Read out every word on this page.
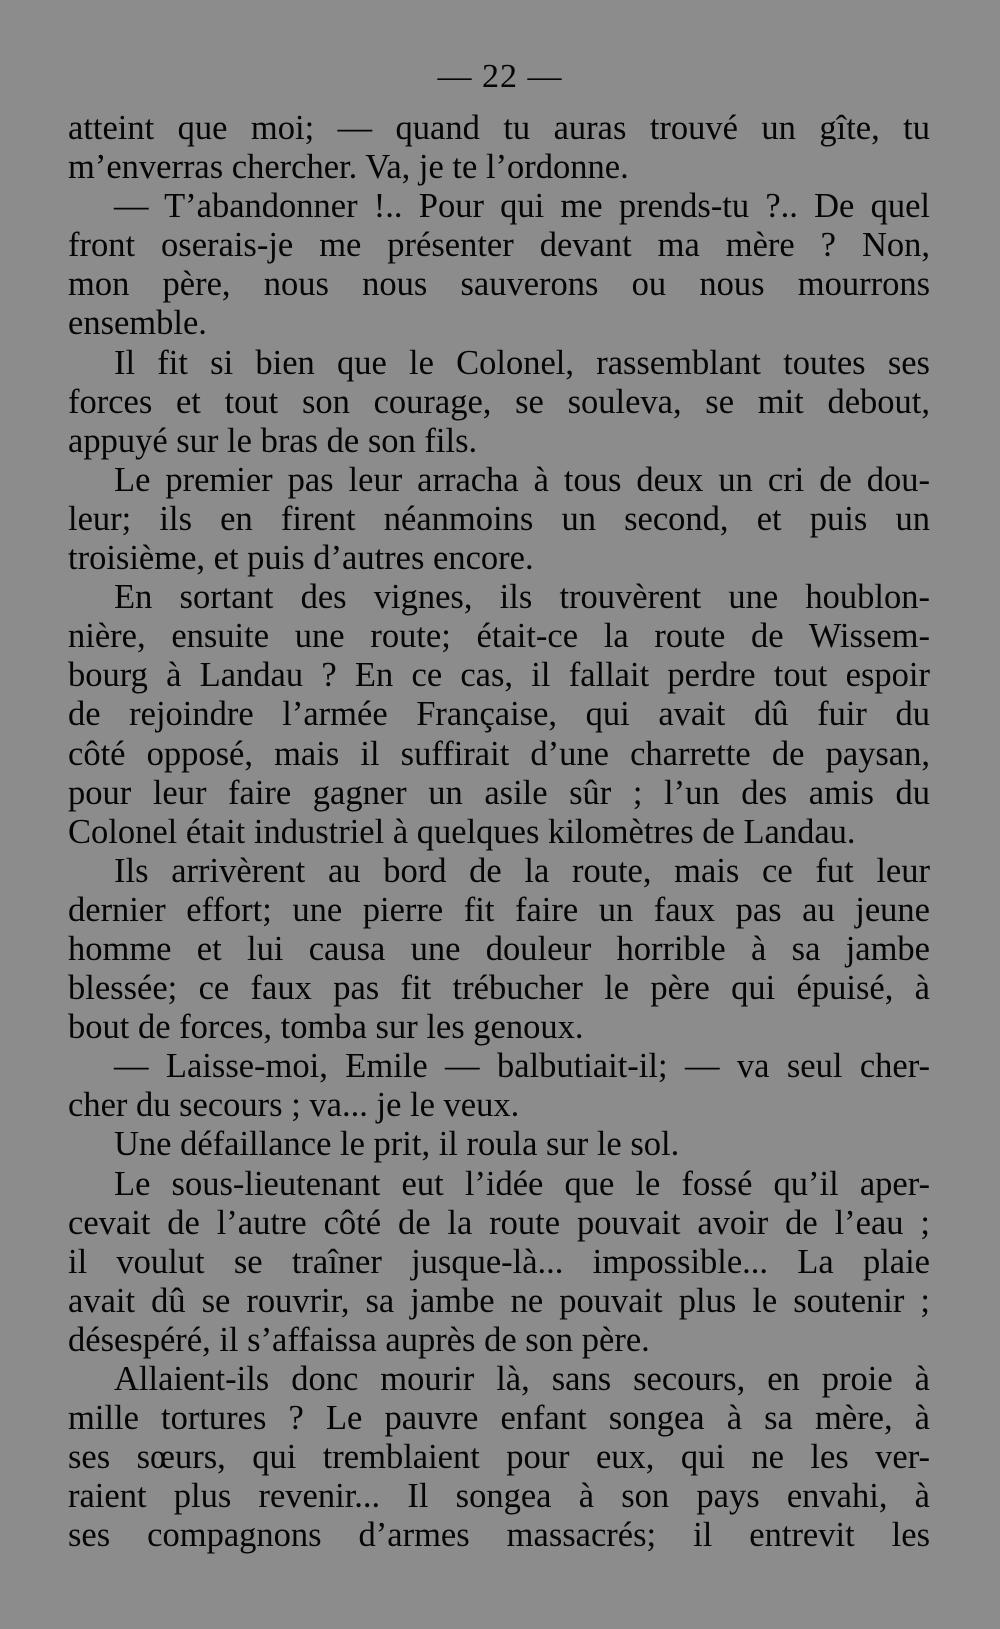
— 22 —

atteint que moi; — quand tu auras trouvé un gîte, tu

m’enverras chercher. Va, je te l’ordonne.

— T’abandonner !.. Pour qui me prends-tu ?.. De quel

front oserais-je me présenter devant ma mère ? Non,

mon père, nous nous sauverons ou nous mourrons

ensemble.

Il fit si bien que le Colonel, rassemblant toutes ses

forces et tout son courage, se souleva, se mit debout,

appuyé sur le bras de son fils.

Le premier pas leur arracha à tous deux un cri de dou-

leur; ils en firent néanmoins un second, et puis un

troisième, et puis d’autres encore.

En sortant des vignes, ils trouvèrent une houblon-

nière, ensuite une route; était-ce la route de Wissem-

bourg à Landau ? En ce cas, il fallait perdre tout espoir

de rejoindre l’armée Française, qui avait dû fuir du

côté opposé, mais il suffirait d’une charrette de paysan,

pour leur faire gagner un asile sûr ; l’un des amis du

Colonel était industriel à quelques kilomètres de Landau.

Ils arrivèrent au bord de la route, mais ce fut leur

dernier effort; une pierre fit faire un faux pas au jeune

homme et lui causa une douleur horrible à sa jambe

blessée; ce faux pas fit trébucher le père qui épuisé, à

bout de forces, tomba sur les genoux.

— Laisse-moi, Emile — balbutiait-il; — va seul cher-

cher du secours ; va... je le veux.

Une défaillance le prit, il roula sur le sol.

Le sous-lieutenant eut l’idée que le fossé qu’il aper-

cevait de l’autre côté de la route pouvait avoir de l’eau ;

il voulut se traîner jusque-là... impossible... La plaie

avait dû se rouvrir, sa jambe ne pouvait plus le soutenir ;

désespéré, il s’affaissa auprès de son père.

Allaient-ils donc mourir là, sans secours, en proie à

mille tortures ? Le pauvre enfant songea à sa mère, à

ses sœurs, qui tremblaient pour eux, qui ne les ver-

raient plus revenir... Il songea à son pays envahi, à

ses compagnons d’armes massacrés; il entrevit les
